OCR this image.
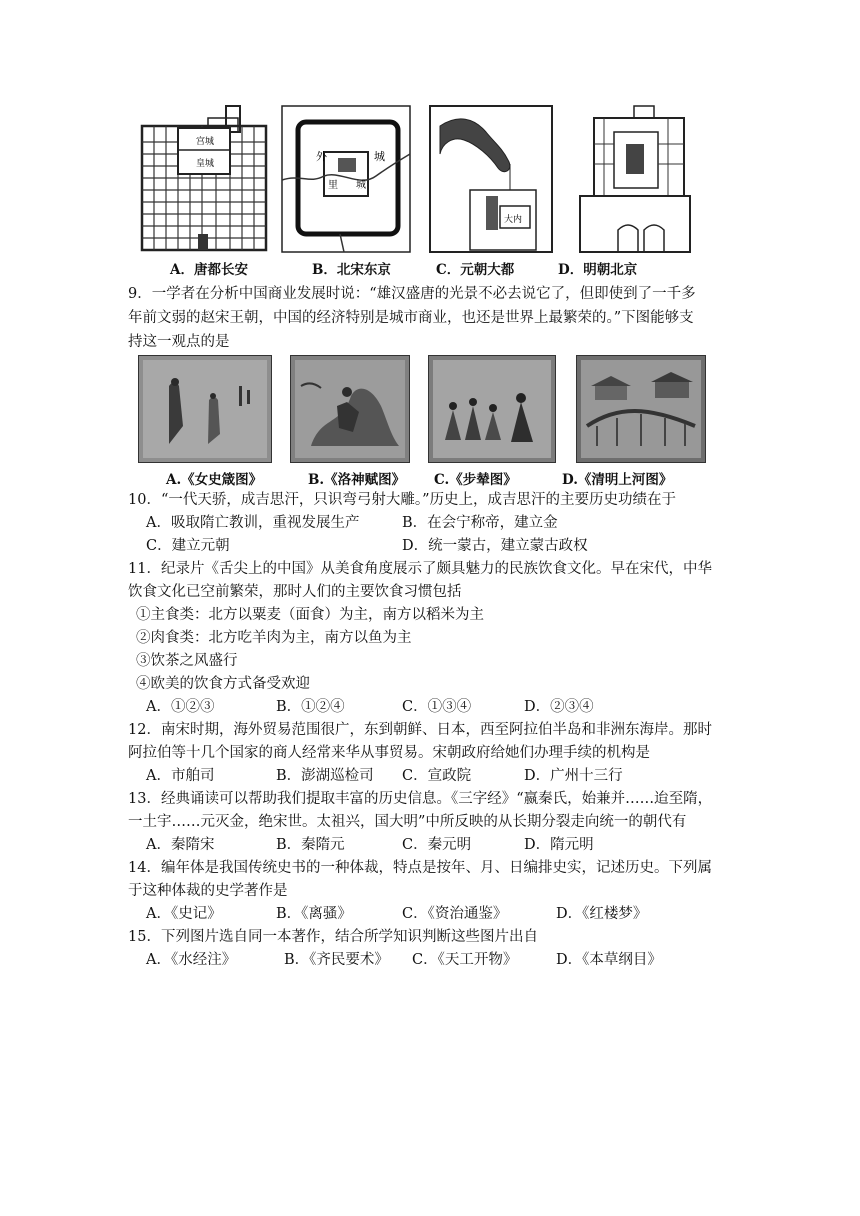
宫城
皇城
外	城
里 城
大内
A．唐都长安	B．北宋东京	C．元朝大都	D．明朝北京
9．一学者在分析中国商业发展时说：“雄汉盛唐的光景不必去说它了，但即使到了一千多
年前文弱的赵宋王朝，中国的经济特别是城市商业，也还是世界上最繁荣的。”下图能够支
持这一观点的是
A.《女史箴图》	B.《洛神赋图》 C.《步辇图》	D.《清明上河图》
10．“一代天骄，成吉思汗，只识弯弓射大雕。”历史上，成吉思汗的主要历史功绩在于
A．吸取隋亡教训，重视发展生产	B．在会宁称帝，建立金
C．建立元朝	D．统一蒙古，建立蒙古政权
11．纪录片《舌尖上的中国》从美食角度展示了颇具魅力的民族饮食文化。早在宋代，中华
饮食文化已空前繁荣，那时人们的主要饮食习惯包括
①主食类：北方以粟麦（面食）为主，南方以稻米为主
②肉食类：北方吃羊肉为主，南方以鱼为主
③饮茶之风盛行
④欧美的饮食方式备受欢迎
A．①②③	B．①②④	C．①③④	D．②③④
12．南宋时期，海外贸易范围很广，东到朝鲜、日本，西至阿拉伯半岛和非洲东海岸。那时
阿拉伯等十几个国家的商人经常来华从事贸易。宋朝政府给她们办理手续的机构是
A．市舶司	B．澎湖巡检司 C．宣政院	D．广州十三行
13．经典诵读可以帮助我们提取丰富的历史信息。《三字经》“嬴秦氏，始兼并……迨至隋，
一土宇……元灭金，绝宋世。太祖兴，国大明”中所反映的从长期分裂走向统一的朝代有
A．秦隋宋	B．秦隋元	C．秦元明	D．隋元明
14．编年体是我国传统史书的一种体裁，特点是按年、月、日编排史实，记述历史。下列属
于这种体裁的史学著作是
A．《史记》	B．《离骚》	C．《资治通鉴》	D．《红楼梦》
15．下列图片选自同一本著作，结合所学知识判断这些图片出自
A．《水经注》	B．《齐民要术》 C．《天工开物》	D．《本草纲目》
